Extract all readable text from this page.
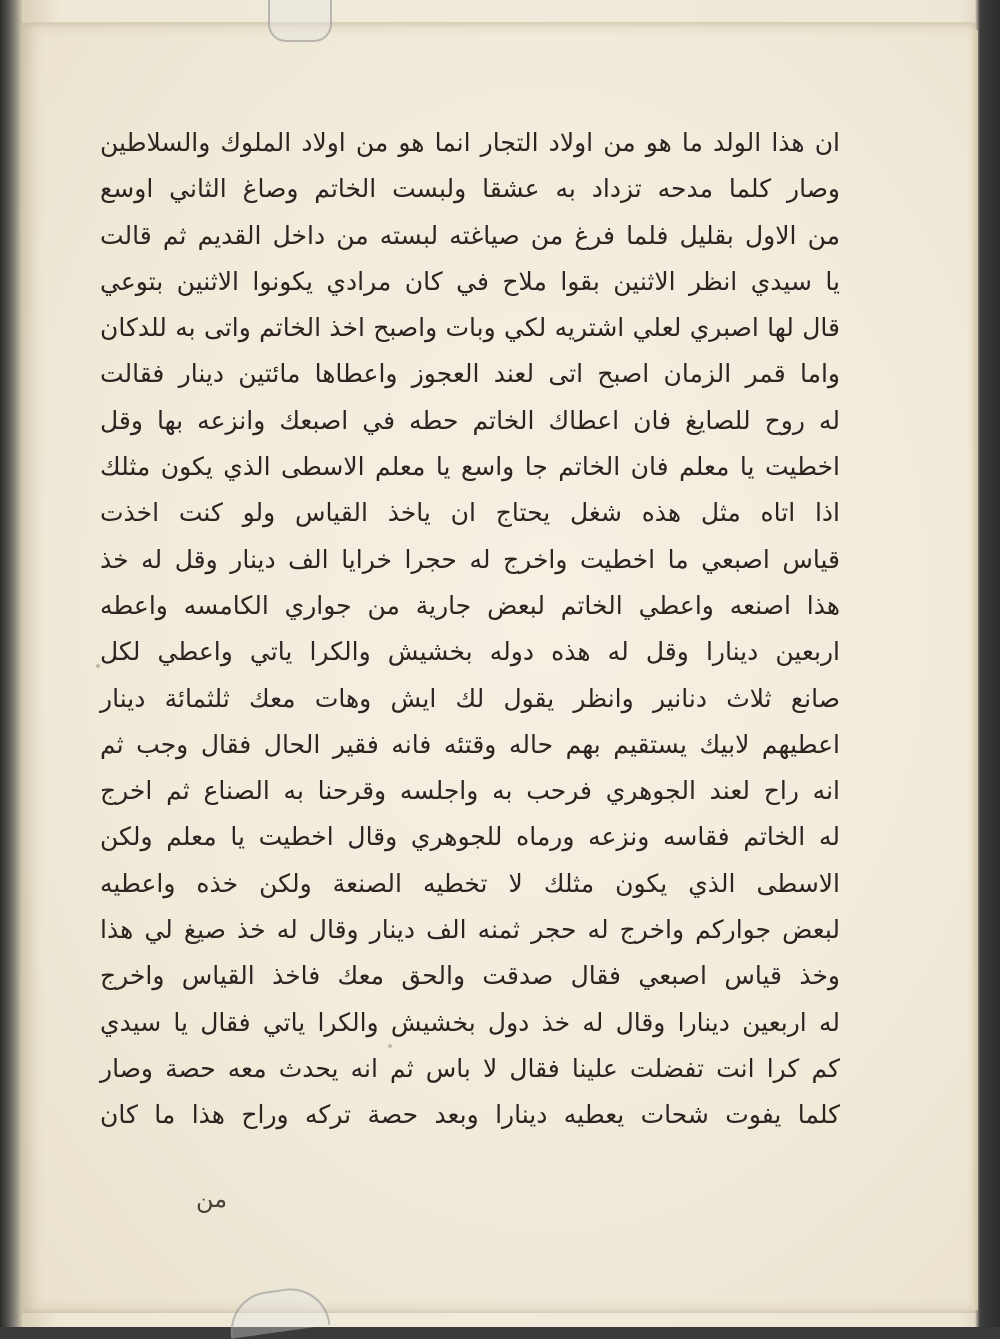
ان هذا الولد ما هو من اولاد التجار انما هو من اولاد الملوك والسلاطين
وصار كلما مدحه تزداد به عشقا ولبست الخاتم وصاغ الثاني اوسع
من الاول بقليل فلما فرغ من صياغته لبسته من داخل القديم ثم قالت
يا سيدي انظر الاثنين بقوا ملاح في كان مرادي يكونوا الاثنين بتوعي
قال لها اصبري لعلي اشتريه لكي وبات واصبح اخذ الخاتم واتى به للدكان
واما قمر الزمان اصبح اتى لعند العجوز واعطاها مائتين دينار فقالت
له روح للصايغ فان اعطاك الخاتم حطه في اصبعك وانزعه بها وقل
اخطيت يا معلم فان الخاتم جا واسع يا معلم الاسطى الذي يكون مثلك
اذا اتاه مثل هذه شغل يحتاج ان ياخذ القياس ولو كنت اخذت
قياس اصبعي ما اخطيت واخرج له حجرا خرايا الف دينار وقل له خذ
هذا اصنعه واعطي الخاتم لبعض جارية من جواري الكامسه واعطه
اربعين دينارا وقل له هذه دوله بخشيش والكرا ياتي واعطي لكل
صانع ثلاث دنانير وانظر يقول لك ايش وهات معك ثلثمائة دينار
اعطيهم لابيك يستقيم بهم حاله وقتئه فانه فقير الحال فقال وجب ثم
انه راح لعند الجوهري فرحب به واجلسه وقرحنا به الصناع ثم اخرج
له الخاتم فقاسه ونزعه ورماه للجوهري وقال اخطيت يا معلم ولكن
الاسطى الذي يكون مثلك لا تخطيه الصنعة ولكن خذه واعطيه
لبعض جواركم واخرج له حجر ثمنه الف دينار وقال له خذ صيغ لي هذا
وخذ قياس اصبعي فقال صدقت والحق معك فاخذ القياس واخرج
له اربعين دينارا وقال له خذ دول بخشيش والكرا ياتي فقال يا سيدي
كم كرا انت تفضلت علينا فقال لا باس ثم انه يحدث معه حصة وصار
كلما يفوت شحات يعطيه دينارا وبعد حصة تركه وراح هذا ما كان
من
